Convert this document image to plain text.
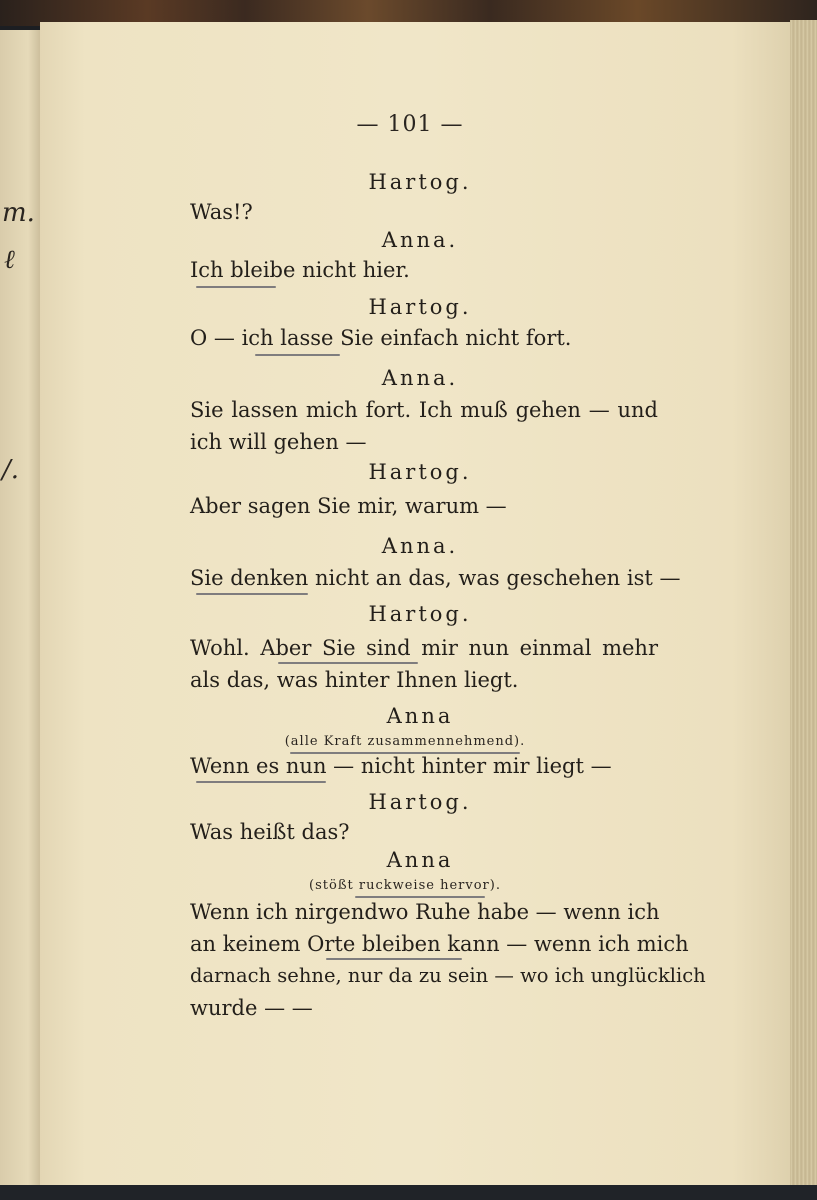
m.
ℓ
/.
— 101 —
Hartog.
Was!?
Anna.
Ich bleibe nicht hier.
Hartog.
O — ich lasse Sie einfach nicht fort.
Anna.
Sie lassen mich fort. Ich muß gehen — und
ich will gehen —
Hartog.
Aber sagen Sie mir, warum —
Anna.
Sie denken nicht an das, was geschehen ist —
Hartog.
Wohl. Aber Sie sind mir nun einmal mehr
als das, was hinter Ihnen liegt.
Anna
(alle Kraft zusammennehmend).
Wenn es nun — nicht hinter mir liegt —
Hartog.
Was heißt das?
Anna
(stößt ruckweise hervor).
Wenn ich nirgendwo Ruhe habe — wenn ich
an keinem Orte bleiben kann — wenn ich mich
darnach sehne, nur da zu sein — wo ich unglücklich
wurde — —
